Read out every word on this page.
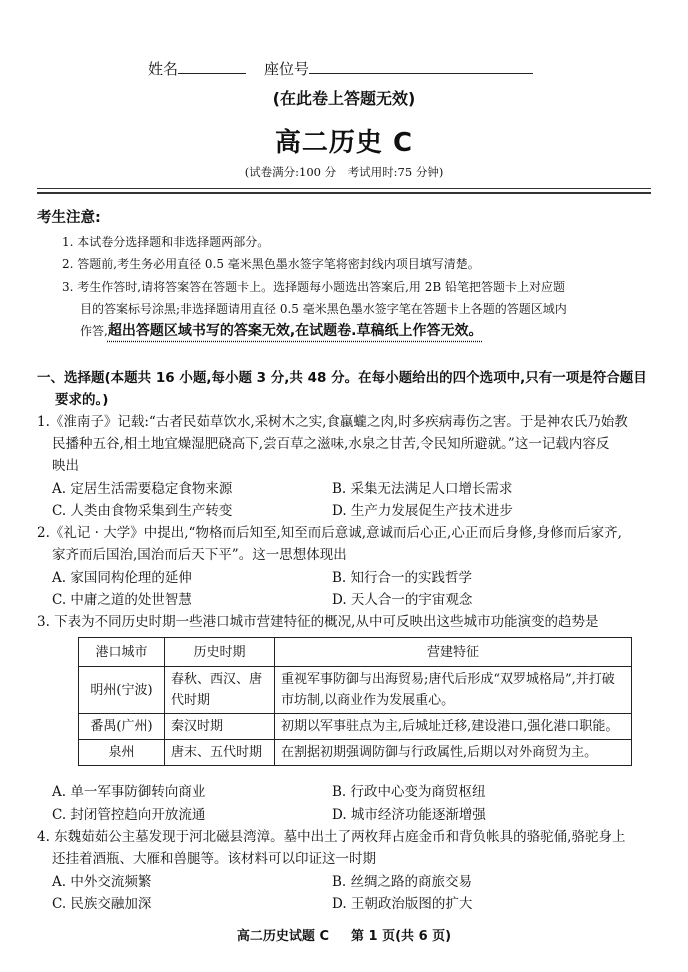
姓名	座位号
(在此卷上答题无效)
高二历史 C
(试卷满分:100 分　考试用时:75 分钟)
考生注意:
1. 本试卷分选择题和非选择题两部分。
2. 答题前,考生务必用直径 0.5 毫米黑色墨水签字笔将密封线内项目填写清楚。
3. 考生作答时,请将答案答在答题卡上。选择题每小题选出答案后,用 2B 铅笔把答题卡上对应题
目的答案标号涂黑;非选择题请用直径 0.5 毫米黑色墨水签字笔在答题卡上各题的答题区域内
作答,超出答题区域书写的答案无效,在试题卷.草稿纸上作答无效。
一、选择题(本题共 16 小题,每小题 3 分,共 48 分。在每小题给出的四个选项中,只有一项是符合题目
要求的。)
1.《淮南子》记载:“古者民茹草饮水,采树木之实,食蠃蠬之肉,时多疾病毒伤之害。于是神农氏乃始教
民播种五谷,相土地宜燥湿肥硗高下,尝百草之滋味,水泉之甘苦,令民知所避就。”这一记载内容反
映出
A. 定居生活需要稳定食物来源	B. 采集无法满足人口增长需求
C. 人类由食物采集到生产转变	D. 生产力发展促生产技术进步
2.《礼记 · 大学》中提出,“物格而后知至,知至而后意诚,意诚而后心正,心正而后身修,身修而后家齐,
家齐而后国治,国治而后天下平”。这一思想体现出
A. 家国同构伦理的延伸	B. 知行合一的实践哲学
C. 中庸之道的处世智慧	D. 天人合一的宇宙观念
3. 下表为不同历史时期一些港口城市营建特征的概况,从中可反映出这些城市功能演变的趋势是
港口城市	历史时期	营建特征
明州(宁波)	春秋、西汉、唐代时期	重视军事防御与出海贸易;唐代后形成“双罗城格局”,并打破市坊制,以商业作为发展重心。
番禺(广州)	秦汉时期	初期以军事驻点为主,后城址迁移,建设港口,强化港口职能。
泉州	唐末、五代时期	在割据初期强调防御与行政属性,后期以对外商贸为主。
A. 单一军事防御转向商业	B. 行政中心变为商贸枢纽
C. 封闭管控趋向开放流通	D. 城市经济功能逐渐增强
4. 东魏茹茹公主墓发现于河北磁县湾漳。墓中出土了两枚拜占庭金币和背负帐具的骆驼俑,骆驼身上
还挂着酒瓶、大雁和兽腿等。该材料可以印证这一时期
A. 中外交流频繁	B. 丝绸之路的商旅交易
C. 民族交融加深	D. 王朝政治版图的扩大
高二历史试题 C 第 1 页(共 6 页)
